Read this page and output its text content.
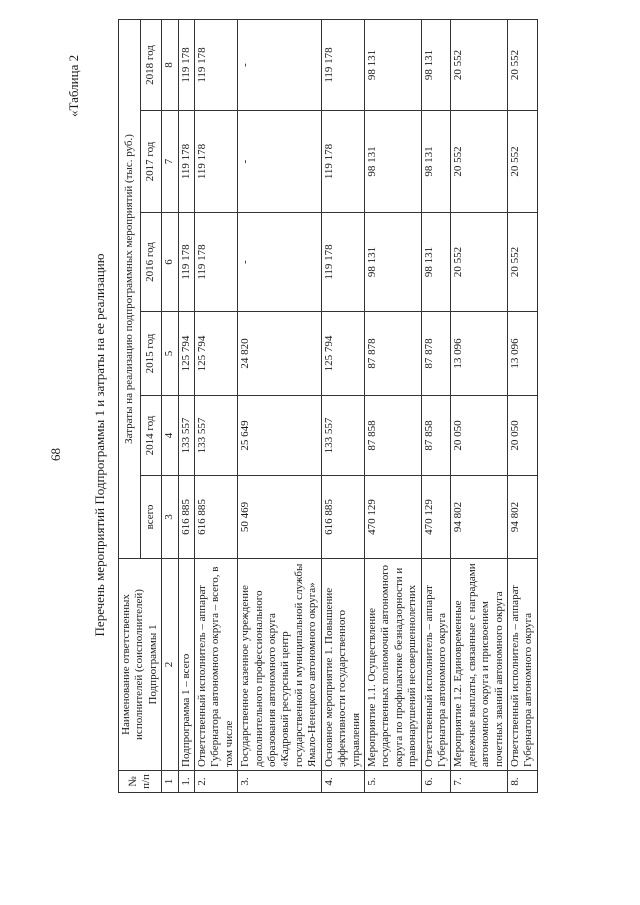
68
«Таблица 2
Перечень мероприятий Подпрограммы 1 и затраты на ее реализацию
№ п/п	Наименование ответственных исполнителей (соисполнителей) Подпрограммы 1	Затраты на реализацию подпрограммных мероприятий (тыс. руб.)					
		всего	2014 год	2015 год	2016 год	2017 год	2018 год
1	2	3	4	5	6	7	8
1.	Подпрограмма 1 – всего	616 885	133 557	125 794	119 178	119 178	119 178
2.	Ответственный исполнитель – аппарат Губернатора автономного округа – всего, в том числе	616 885	133 557	125 794	119 178	119 178	119 178
3.	Государственное казенное учреждение дополнительного профессионального образования автономного округа «Кадровый ресурсный центр государственной и муниципальной службы Ямало-Ненецкого автономного округа»	50 469	25 649	24 820	-	-	-
4.	Основное мероприятие 1. Повышение эффективности государственного управления	616 885	133 557	125 794	119 178	119 178	119 178
5.	Мероприятие 1.1. Осуществление государственных полномочий автономного округа по профилактике безнадзорности и правонарушений несовершеннолетних	470 129	87 858	87 878	98 131	98 131	98 131
6.	Ответственный исполнитель – аппарат Губернатора автономного округа	470 129	87 858	87 878	98 131	98 131	98 131
7.	Мероприятие 1.2. Единовременные денежные выплаты, связанные с наградами автономного округа и присвоением почетных званий автономного округа	94 802	20 050	13 096	20 552	20 552	20 552
8.	Ответственный исполнитель – аппарат Губернатора автономного округа	94 802	20 050	13 096	20 552	20 552	20 552
